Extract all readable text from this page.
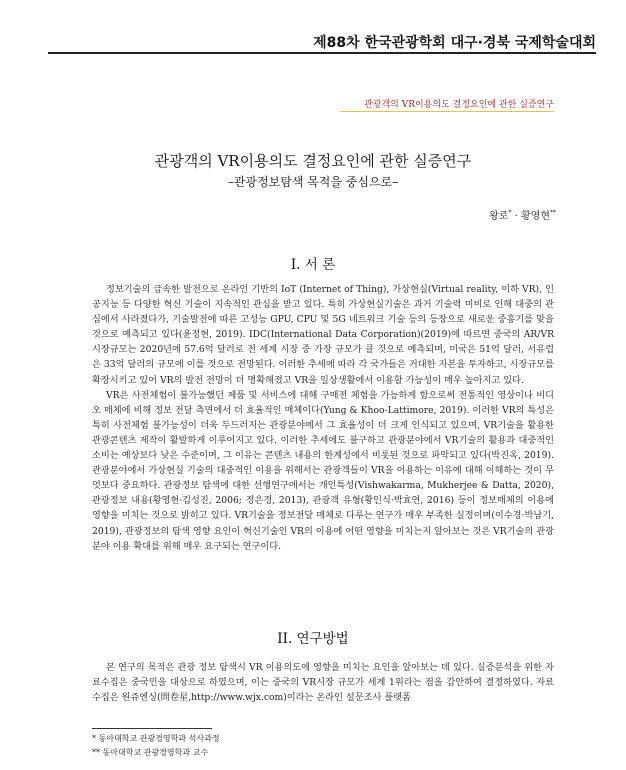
제88차 한국관광학회 대구·경북 국제학술대회
관광객의 VR이용의도 결정요인에 관한 실증연구
관광객의 VR이용의도 결정요인에 관한 실증연구
–관광정보탐색 목적을 중심으로–
왕로* · 황영현**
I. 서 론

정보기술의 급속한 발전으로 온라인 기반의 IoT (Internet of Thing), 가상현실(Virtual reality, 이하 VR), 인공지능 등 다양한 혁신 기술이 지속적인 관심을 받고 있다. 특히 가상현실기술은 과거 기술력 미비로 인해 대중의 관심에서 사라졌다가, 기술발전에 따른 고성능 GPU, CPU 및 5G 네트워크 기술 등의 등장으로 새로운 중흥기를 맞을 것으로 예측되고 있다(윤정현, 2019). IDC(International Data Corporation)(2019)에 따르면 중국의 AR/VR 시장규모는 2020년에 57.6억 달러로 전 세계 시장 중 가장 규모가 클 것으로 예측되며, 미국은 51억 달러, 서유럽은 33억 달러의 규모에 이를 것으로 전망된다. 이러한 추세에 따라 각 국가들은 거대한 자본을 투자하고, 시장규모를 확장시키고 있어 VR의 발전 전망이 더 명확해졌고 VR을 일상생활에서 이용할 가능성이 매우 높아지고 있다.

VR은 사전체험이 불가능했던 제품 및 서비스에 대해 구매전 체험을 가능하게 함으로써 전통적인 영상이나 비디오 매체에 비해 정보 전달 측면에서 더 효율적인 매체이다(Yung & Khoo-Lattimore, 2019). 이러한 VR의 특성은 특히 사전체험 불가능성이 더욱 두드러지는 관광분야에서 그 효율성이 더 크게 인식되고 있으며, VR기술을 활용한 관광콘텐츠 제작이 활발하게 이루어지고 있다. 이러한 추세에도 불구하고 관광분야에서 VR기술의 활용과 대중적인 소비는 예상보다 낮은 수준이며, 그 이유는 콘텐츠 내용의 한계성에서 비롯된 것으로 파악되고 있다(박진옥, 2019). 관광분야에서 가상현실 기술의 대중적인 이용을 위해서는 관광객들이 VR을 이용하는 이유에 대해 이해하는 것이 무엇보다 중요하다. 관광정보 탐색에 대한 선행연구에서는 개인특성(Vishwakarma, Mukherjee & Datta, 2020), 관광정보 내용(황영현·김성진, 2006; 정은경, 2013), 관광객 유형(황인식·박효연, 2016) 등이 정보매체의 이용에 영향을 미치는 것으로 밝히고 있다. VR기술을 정보전달 매체로 다루는 연구가 매우 부족한 실정이며(이수경·박남기, 2019), 관광정보의 탐색 영향 요인이 혁신기술인 VR의 이용에 어떤 영향을 미치는지 알아보는 것은 VR기술의 관광분야 이용 확대를 위해 매우 요구되는 연구이다.

II. 연구방법

본 연구의 목적은 관광 정보 탐색시 VR 이용의도에 영향을 미치는 요인을 알아보는 데 있다. 실증분석을 위한 자료수집은 중국인을 대상으로 하였으며, 이는 중국의 VR시장 규모가 세계 1위라는 점을 감안하여 결정하였다. 자료수집은 원쥬엔싱(問卷星,http://www.wjx.com)이라는 온라인 설문조사 플랫폼

* 동아대학교 관광경영학과 석사과정
** 동아대학교 관광경영학과 교수
